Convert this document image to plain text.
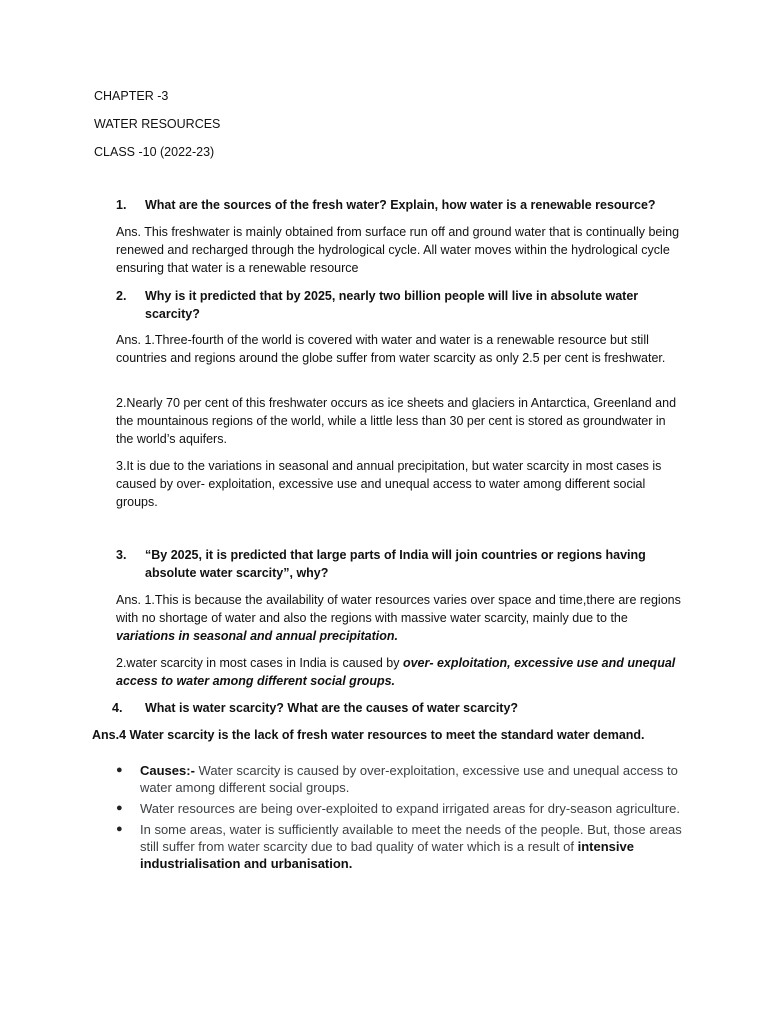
CHAPTER -3
WATER RESOURCES
CLASS -10 (2022-23)
1. What are the sources of the fresh water? Explain, how water is a renewable resource?
Ans. This freshwater is mainly obtained from surface run off and ground water that is continually being renewed and recharged through the hydrological cycle. All water moves within the hydrological cycle ensuring that water is a renewable resource
2. Why is it predicted that by 2025, nearly two billion people will live in absolute water
scarcity?
Ans. 1.Three-fourth of the world is covered with water and water is a renewable resource but still countries and regions around the globe suffer from water scarcity as only 2.5 per cent is freshwater.
2.Nearly 70 per cent of this freshwater occurs as ice sheets and glaciers in Antarctica, Greenland and the mountainous regions of the world, while a little less than 30 per cent is stored as groundwater in the world’s aquifers.
3.It is due to the variations in seasonal and annual precipitation, but water scarcity in most cases is caused by over- exploitation, excessive use and unequal access to water among different social groups.
3. “By 2025, it is predicted that large parts of India will join countries or regions having
absolute water scarcity”, why?
Ans. 1.This is because the availability of water resources varies over space and time,there are regions with no shortage of water and also the regions with massive water scarcity, mainly due to the variations in seasonal and annual precipitation.
2.water scarcity in most cases in India is caused by over- exploitation, excessive use and unequal access to water among different social groups.
4. What is water scarcity? What are the causes of water scarcity?
Ans.4 Water scarcity is the lack of fresh water resources to meet the standard water demand.
● Causes:- Water scarcity is caused by over-exploitation, excessive use and unequal access to water among different social groups.
● Water resources are being over-exploited to expand irrigated areas for dry-season agriculture.
● In some areas, water is sufficiently available to meet the needs of the people. But, those areas still suffer from water scarcity due to bad quality of water which is a result of intensive industrialisation and urbanisation.
